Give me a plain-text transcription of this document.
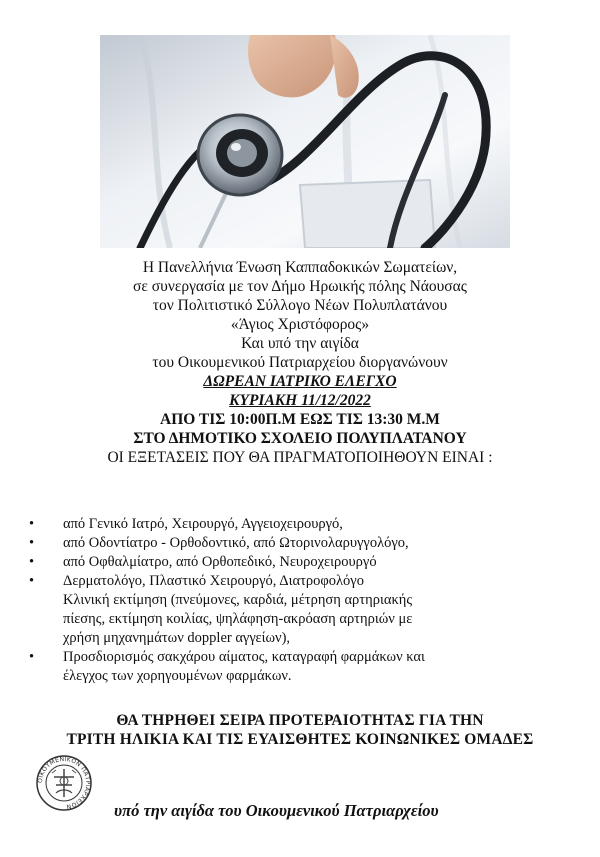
Η Πανελλήνια Ένωση Καππαδοκικών Σωματείων,
σε συνεργασία με τον Δήμο Ηρωικής πόλης Νάουσας
τον Πολιτιστικό Σύλλογο Νέων Πολυπλατάνου
«Άγιος Χριστόφορος»
Και υπό την αιγίδα
του Οικουμενικού Πατριαρχείου διοργανώνουν
ΔΩΡΕΑΝ ΙΑΤΡΙΚΟ ΕΛΕΓΧΟ
ΚΥΡΙΑΚΗ 11/12/2022
ΑΠΟ ΤΙΣ 10:00Π.Μ ΕΩΣ ΤΙΣ 13:30 Μ.Μ
ΣΤΟ ΔΗΜΟΤΙΚΟ ΣΧΟΛΕΙΟ ΠΟΛΥΠΛΑΤΑΝΟΥ
ΟΙ ΕΞΕΤΑΣΕΙΣ ΠΟΥ ΘΑ ΠΡΑΓΜΑΤΟΠΟΙΗΘΟΥΝ ΕΙΝΑΙ :
• από Γενικό Ιατρό, Χειρουργό, Αγγειοχειρουργό,
• από Οδοντίατρο - Ορθοδοντικό, από Ωτορινολαρυγγολόγο,
• από Οφθαλμίατρο, από Ορθοπεδικό, Νευροχειρουργό
• Δερματολόγο, Πλαστικό Χειρουργό, Διατροφολόγο
Κλινική εκτίμηση (πνεύμονες, καρδιά, μέτρηση αρτηριακής
πίεσης, εκτίμηση κοιλίας, ψηλάφηση-ακρόαση αρτηριών με
χρήση μηχανημάτων doppler αγγείων),
• Προσδιορισμός σακχάρου αίματος, καταγραφή φαρμάκων και
έλεγχος των χορηγουμένων φαρμάκων.
ΘΑ ΤΗΡΗΘΕΙ ΣΕΙΡΑ ΠΡΟΤΕΡΑΙΟΤΗΤΑΣ ΓΙΑ ΤΗΝ
ΤΡΙΤΗ ΗΛΙΚΙΑ ΚΑΙ ΤΙΣ ΕΥΑΙΣΘΗΤΕΣ ΚΟΙΝΩΝΙΚΕΣ ΟΜΑΔΕΣ
ΟΙΚΟΥΜΕΝΙΚΟΝ ΠΑΤΡΙΑΡΧΕΙΟΝ	υπό την αιγίδα του Οικουμενικού Πατριαρχείου
